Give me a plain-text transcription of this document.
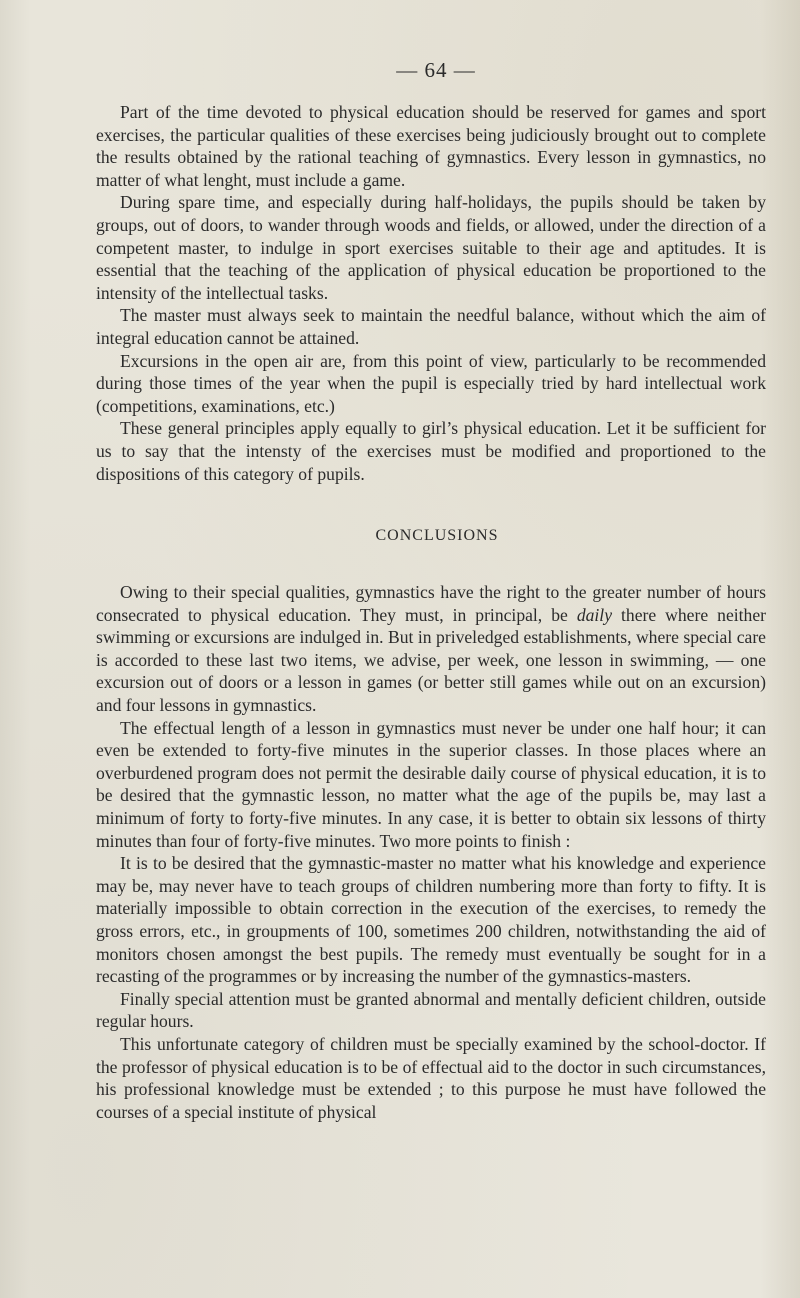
— 64 —

Part of the time devoted to physical education should be reserved for games and sport exercises, the particular qualities of these exercises being judiciously brought out to complete the results obtained by the rational teaching of gymnastics. Every lesson in gymnastics, no matter of what lenght, must include a game.

During spare time, and especially during half-holidays, the pupils should be taken by groups, out of doors, to wander through woods and fields, or allowed, under the direction of a competent master, to indulge in sport exercises suitable to their age and aptitudes. It is essential that the teaching of the application of physical education be proportioned to the intensity of the intellectual tasks.

The master must always seek to maintain the needful balance, without which the aim of integral education cannot be attained.

Excursions in the open air are, from this point of view, particularly to be recommended during those times of the year when the pupil is especially tried by hard intellectual work (competitions, examinations, etc.)

These general principles apply equally to girl’s physical education. Let it be sufficient for us to say that the intensty of the exercises must be modified and proportioned to the dispositions of this category of pupils.

CONCLUSIONS

Owing to their special qualities, gymnastics have the right to the greater number of hours consecrated to physical education. They must, in principal, be daily there where neither swimming or excursions are indulged in. But in priveledged establishments, where special care is accorded to these last two items, we advise, per week, one lesson in swimming, — one excursion out of doors or a lesson in games (or better still games while out on an excursion) and four lessons in gymnastics.

The effectual length of a lesson in gymnastics must never be under one half hour; it can even be extended to forty-five minutes in the superior classes. In those places where an overburdened program does not permit the desirable daily course of physical education, it is to be desired that the gymnastic lesson, no matter what the age of the pupils be, may last a minimum of forty to forty-five minutes. In any case, it is better to obtain six lessons of thirty minutes than four of forty-five minutes. Two more points to finish :

It is to be desired that the gymnastic-master no matter what his knowledge and experience may be, may never have to teach groups of children numbering more than forty to fifty. It is materially impossible to obtain correction in the execution of the exercises, to remedy the gross errors, etc., in groupments of 100, sometimes 200 children, notwithstanding the aid of monitors chosen amongst the best pupils. The remedy must eventually be sought for in a recasting of the programmes or by increasing the number of the gymnastics-masters.

Finally special attention must be granted abnormal and mentally deficient children, outside regular hours.

This unfortunate category of children must be specially examined by the school-doctor. If the professor of physical education is to be of effectual aid to the doctor in such circumstances, his professional knowledge must be extended ; to this purpose he must have followed the courses of a special institute of physical
